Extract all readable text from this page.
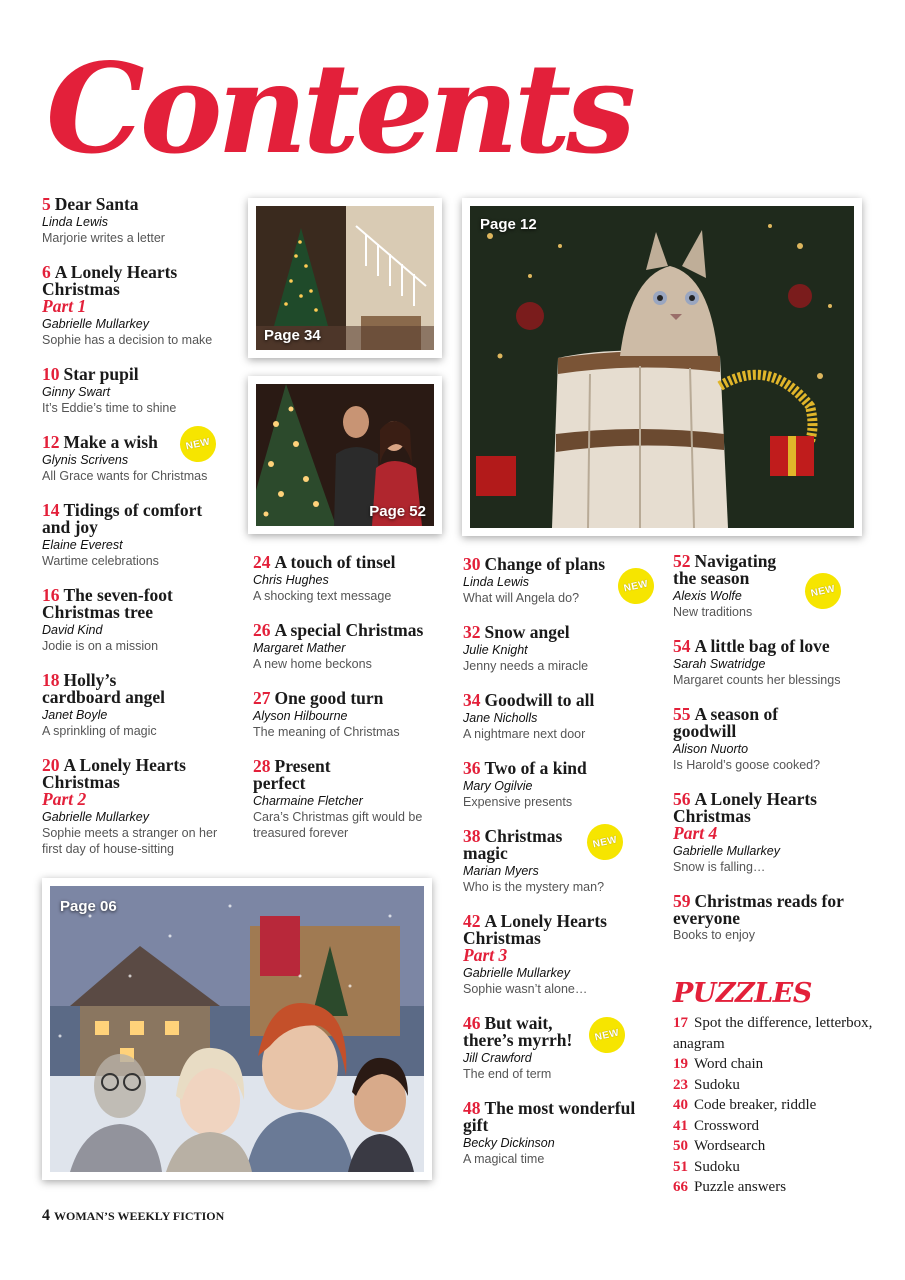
Contents
5 Dear Santa
Linda Lewis
Marjorie writes a letter
6 A Lonely Hearts Christmas
Part 1
Gabrielle Mullarkey
Sophie has a decision to make
10 Star pupil
Ginny Swart
It’s Eddie’s time to shine
12 Make a wish
Glynis Scrivens
All Grace wants for Christmas
NEW
14 Tidings of comfort and joy
Elaine Everest
Wartime celebrations
16 The seven-foot Christmas tree
David Kind
Jodie is on a mission
18 Holly’s cardboard angel
Janet Boyle
A sprinkling of magic
20 A Lonely Hearts Christmas
Part 2
Gabrielle Mullarkey
Sophie meets a stranger on her first day of house-sitting
24 A touch of tinsel
Chris Hughes
A shocking text message
26 A special Christmas
Margaret Mather
A new home beckons
27 One good turn
Alyson Hilbourne
The meaning of Christmas
28 Present perfect
Charmaine Fletcher
Cara’s Christmas gift would be treasured forever
30 Change of plans
Linda Lewis
What will Angela do?
NEW
32 Snow angel
Julie Knight
Jenny needs a miracle
34 Goodwill to all
Jane Nicholls
A nightmare next door
36 Two of a kind
Mary Ogilvie
Expensive presents
38 Christmas magic
Marian Myers
Who is the mystery man?
NEW
42 A Lonely Hearts Christmas
Part 3
Gabrielle Mullarkey
Sophie wasn’t alone…
46 But wait, there’s myrrh!
Jill Crawford
The end of term
NEW
48 The most wonderful gift
Becky Dickinson
A magical time
52 Navigating the season
Alexis Wolfe
New traditions
NEW
54 A little bag of love
Sarah Swatridge
Margaret counts her blessings
55 A season of goodwill
Alison Nuorto
Is Harold’s goose cooked?
56 A Lonely Hearts Christmas
Part 4
Gabrielle Mullarkey
Snow is falling…
59 Christmas reads for everyone
Books to enjoy
PUZZLES
17 Spot the difference, letterbox, anagram
19 Word chain
23 Sudoku
40 Code breaker, riddle
41 Crossword
50 Wordsearch
51 Sudoku
66 Puzzle answers
Page 34
Page 52
Page 12
Page 06
4 WOMAN’S WEEKLY FICTION
